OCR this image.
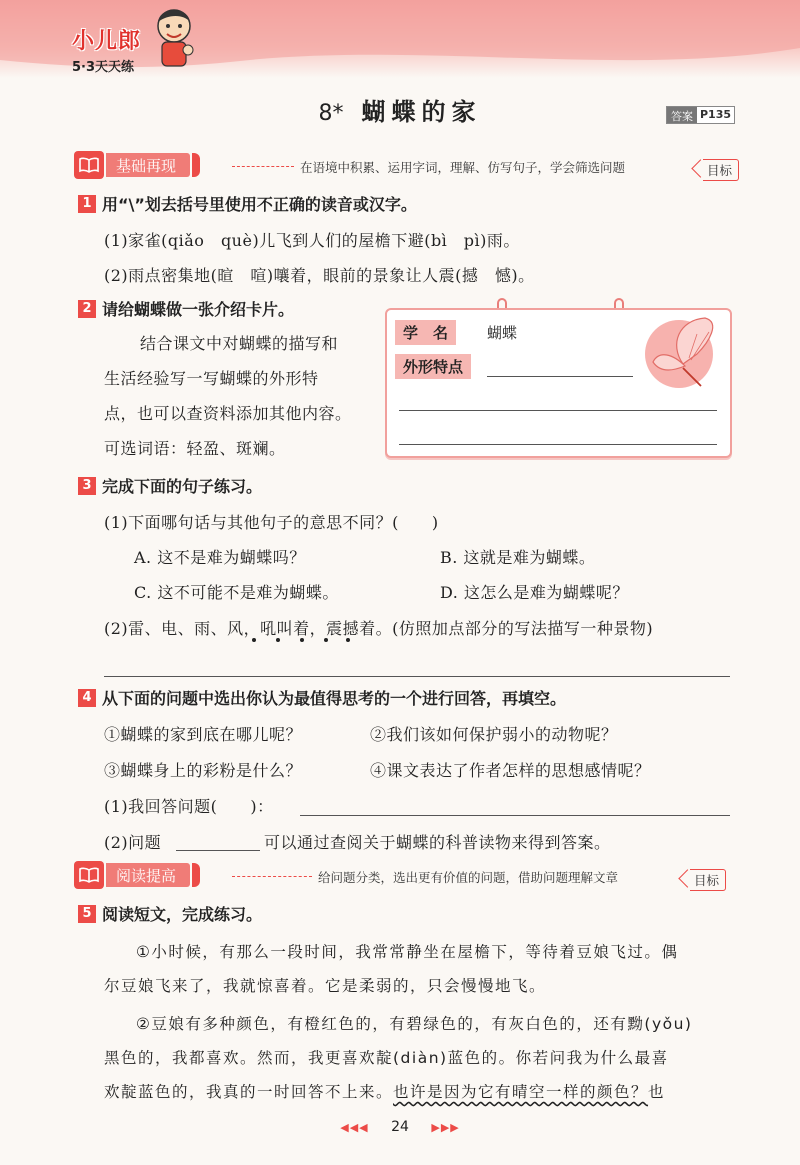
小儿郎
5·3天天练
8* 蝴蝶的家	答案 P135
基础再现	在语境中积累、运用字词，理解、仿写句子，学会筛选问题	目标
1 用“\”划去括号里使用不正确的读音或汉字。
(1)家雀(qiǎo　què)儿飞到人们的屋檐下避(bì　pì)雨。
(2)雨点密集地(暄　喧)嚷着，眼前的景象让人震(撼　憾)。
2 请给蝴蝶做一张介绍卡片。
结合课文中对蝴蝶的描写和
生活经验写一写蝴蝶的外形特
点，也可以查资料添加其他内容。
可选词语：轻盈、斑斓。
学　名	蝴蝶
外形特点
3 完成下面的句子练习。
(1)下面哪句话与其他句子的意思不同？(　　)
A. 这不是难为蝴蝶吗？	B. 这就是难为蝴蝶。
C. 这不可能不是难为蝴蝶。	D. 这怎么是难为蝴蝶呢？
(2)雷、电、雨、风，吼叫着，震撼着。(仿照加点部分的写法描写一种景物)
4 从下面的问题中选出你认为最值得思考的一个进行回答，再填空。
①蝴蝶的家到底在哪儿呢？	②我们该如何保护弱小的动物呢？
③蝴蝶身上的彩粉是什么？	④课文表达了作者怎样的思想感情呢？
(1)我回答问题(　　)：
(2)问题	可以通过查阅关于蝴蝶的科普读物来得到答案。
阅读提高	给问题分类，选出更有价值的问题，借助问题理解文章	目标
5 阅读短文，完成练习。
①小时候，有那么一段时间，我常常静坐在屋檐下，等待着豆娘飞过。偶
尔豆娘飞来了，我就惊喜着。它是柔弱的，只会慢慢地飞。
②豆娘有多种颜色，有橙红色的，有碧绿色的，有灰白色的，还有黝(yǒu)
黑色的，我都喜欢。然而，我更喜欢靛(diàn)蓝色的。你若问我为什么最喜
欢靛蓝色的，我真的一时回答不上来。也许是因为它有晴空一样的颜色？也
◀◀◀ 24 ▶▶▶
